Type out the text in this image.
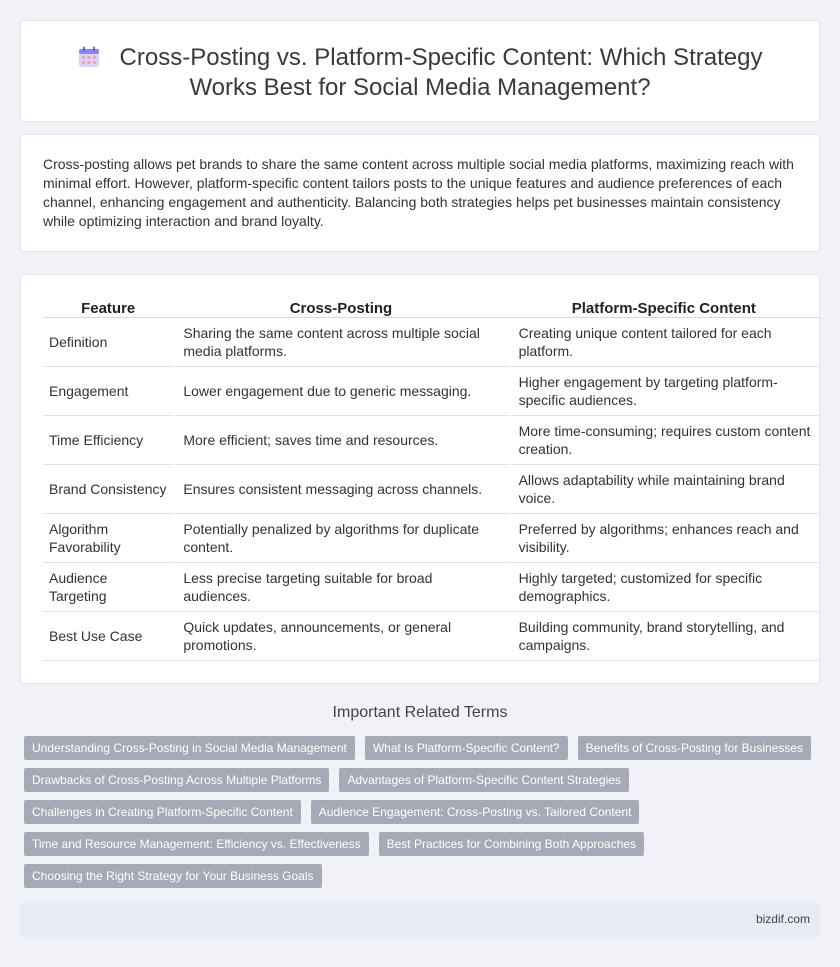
Cross-Posting vs. Platform-Specific Content: Which Strategy
Works Best for Social Media Management?

Cross-posting allows pet brands to share the same content across multiple social media platforms, maximizing reach with minimal effort. However, platform-specific content tailors posts to the unique features and audience preferences of each channel, enhancing engagement and authenticity. Balancing both strategies helps pet businesses maintain consistency while optimizing interaction and brand loyalty.

Feature	Cross-Posting	Platform-Specific Content
Definition	Sharing the same content across multiple social media platforms.	Creating unique content tailored for each platform.
Engagement	Lower engagement due to generic messaging.	Higher engagement by targeting platform-specific audiences.
Time Efficiency	More efficient; saves time and resources.	More time-consuming; requires custom content creation.
Brand Consistency	Ensures consistent messaging across channels.	Allows adaptability while maintaining brand voice.
Algorithm Favorability	Potentially penalized by algorithms for duplicate content.	Preferred by algorithms; enhances reach and visibility.
Audience Targeting	Less precise targeting suitable for broad audiences.	Highly targeted; customized for specific demographics.
Best Use Case	Quick updates, announcements, or general promotions.	Building community, brand storytelling, and campaigns.
Important Related Terms
Understanding Cross-Posting in Social Media Management What Is Platform-Specific Content? Benefits of Cross-Posting for Businesses
Drawbacks of Cross-Posting Across Multiple Platforms Advantages of Platform-Specific Content Strategies
Challenges in Creating Platform-Specific Content Audience Engagement: Cross-Posting vs. Tailored Content
Time and Resource Management: Efficiency vs. Effectiveness Best Practices for Combining Both Approaches
Choosing the Right Strategy for Your Business Goals
bizdif.com
